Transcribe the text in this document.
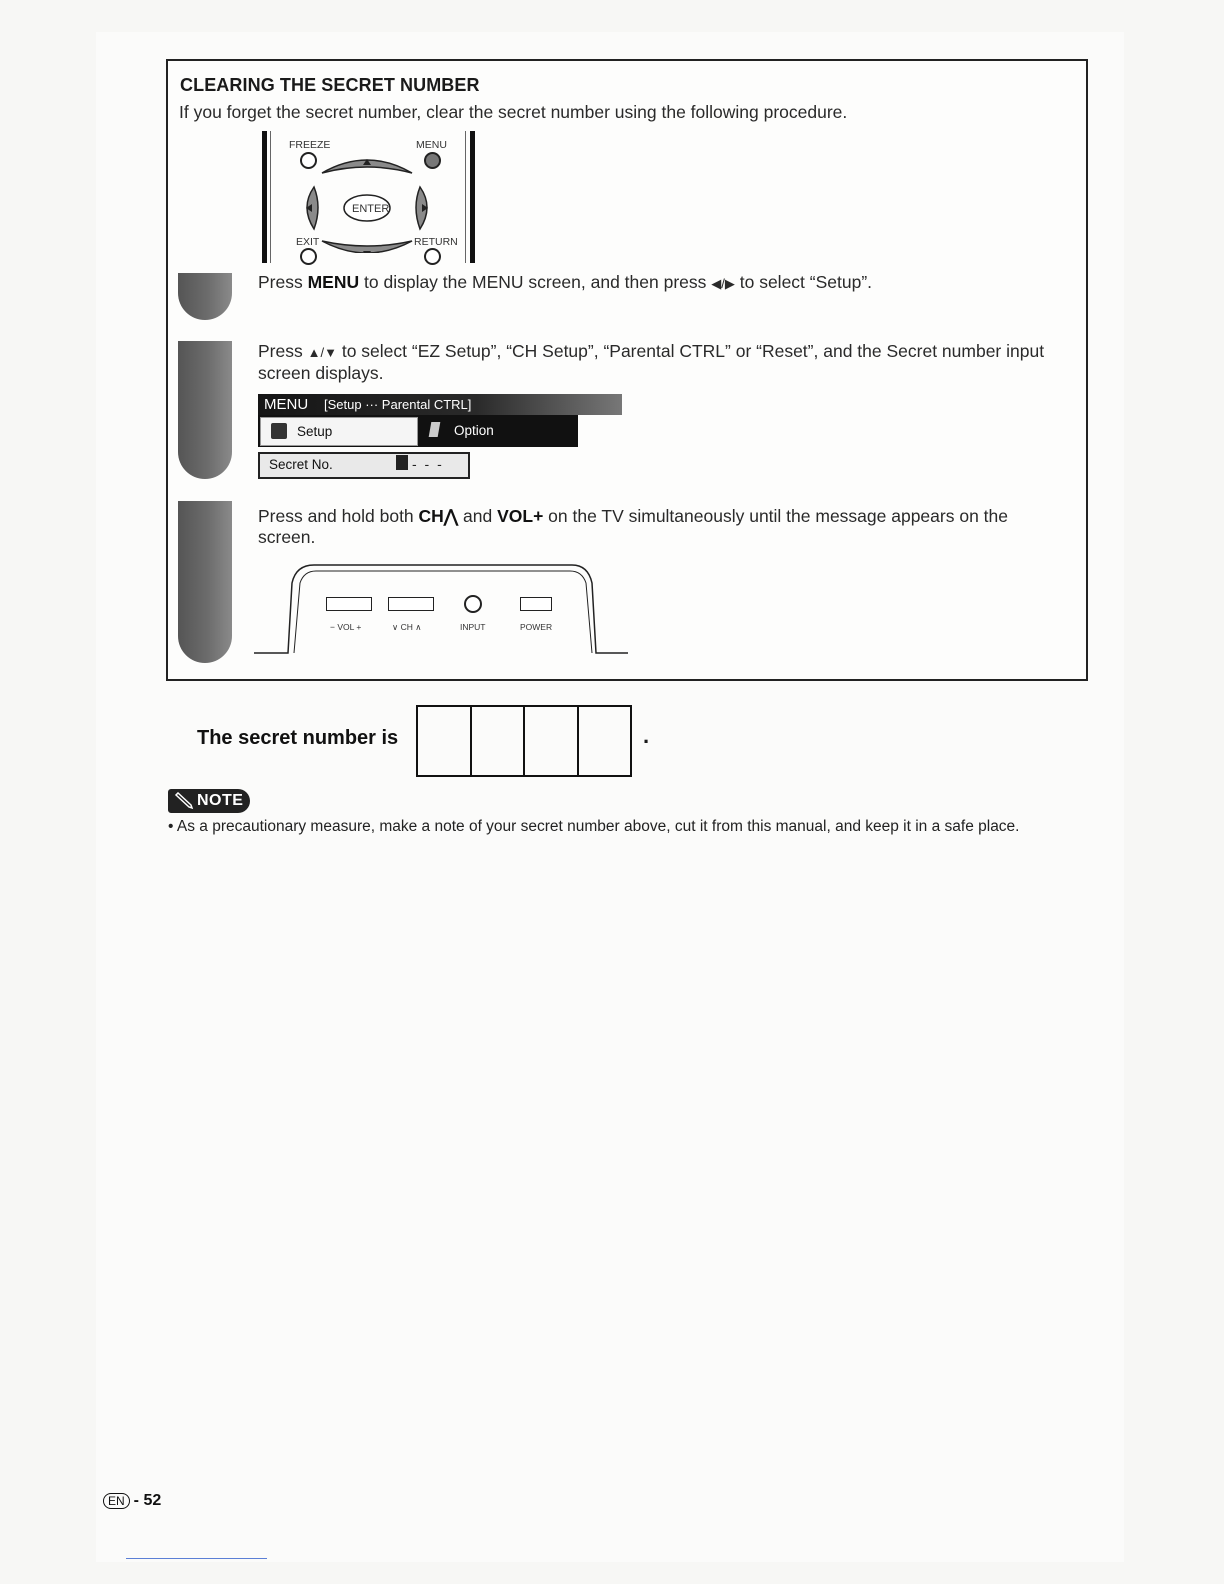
CLEARING THE SECRET NUMBER
If you forget the secret number, clear the secret number using the following procedure.
FREEZE	MENU
ENTER
EXIT	RETURN
Press MENU to display the MENU screen, and then press ◀/▶ to select “Setup”.
Press ▲/▼ to select “EZ Setup”, “CH Setup”, “Parental CTRL” or “Reset”, and the Secret number input screen displays.
MENU [Setup ··· Parental CTRL]
Setup	Option
Secret No.	- - -
Press and hold both CH⋀ and VOL+ on the TV simultaneously until the message appears on the screen.
− VOL +	∨ CH ∧	INPUT	POWER
The secret number is	.
NOTE
• As a precautionary measure, make a note of your secret number above, cut it from this manual, and keep it in a safe place.
EN - 52
